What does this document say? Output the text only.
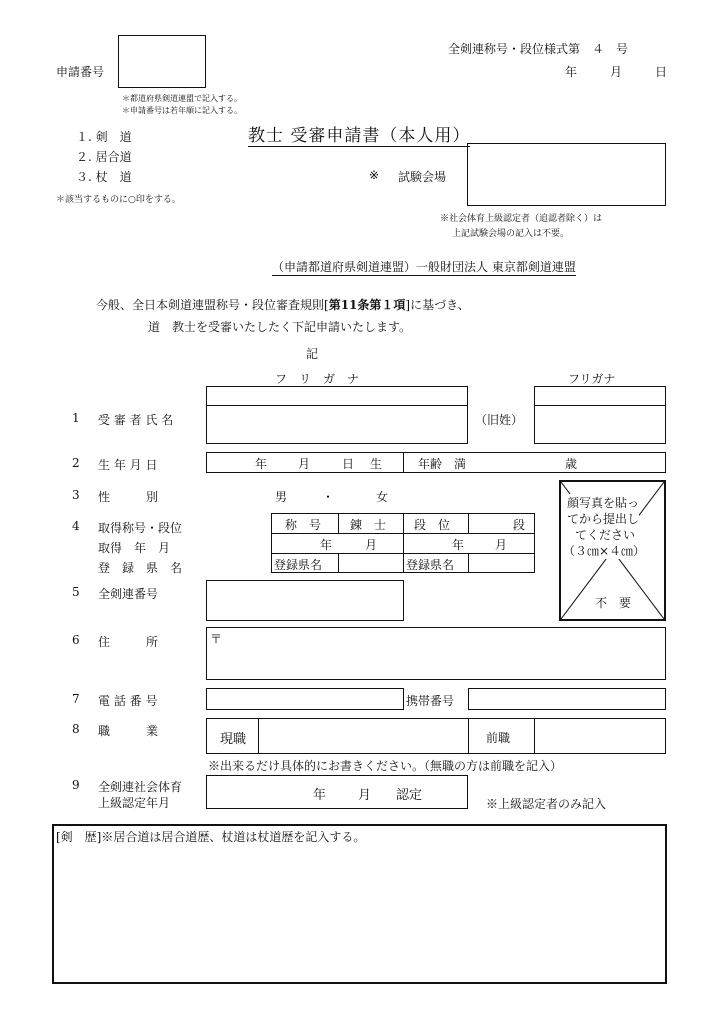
申請番号
＊都道府県剣道連盟で記入する。
＊申請番号は若年順に記入する。
全剣連称号・段位様式第　４　号
年　　月　　日
１. 剣　道
２. 居合道
３. 杖　道
＊該当するものに○印をする。
教士 受審申請書（本人用）
※ 試験会場
※社会体育上級認定者（追認者除く）は
上記試験会場の記入は不要。
（申請都道府県剣道連盟）一般財団法人 東京都剣道連盟
今般、全日本剣道連盟称号・段位審査規則[第11条第１項]に基づき、
道　教士を受審いたしたく下記申請いたします。
記
フ　リ　ガ　ナ	フリガナ
1 受 審 者 氏 名	（旧姓）
2 生 年 月 日	年	月	日 生	年齢　満	歳
3 性　　　別	男	・	女
4 取得称号・段位
取得　年　月
登　録　県　名
称　号 錬　士 段　位	段
年	月	年	月
登録県名	登録県名
顔写真を貼っ
てから提出し
てください
（３㎝×４㎝）
不　要
5 全剣連番号
6 住　　　所	〒
7 電 話 番 号	携帯番号
8 職　　　業
現職	前職
※出来るだけ具体的にお書きください。（無職の方は前職を記入）
9 全剣連社会体育
上級認定年月	年 月 認定
※上級認定者のみ記入
[剣　歴]※居合道は居合道歴、杖道は杖道歴を記入する。
